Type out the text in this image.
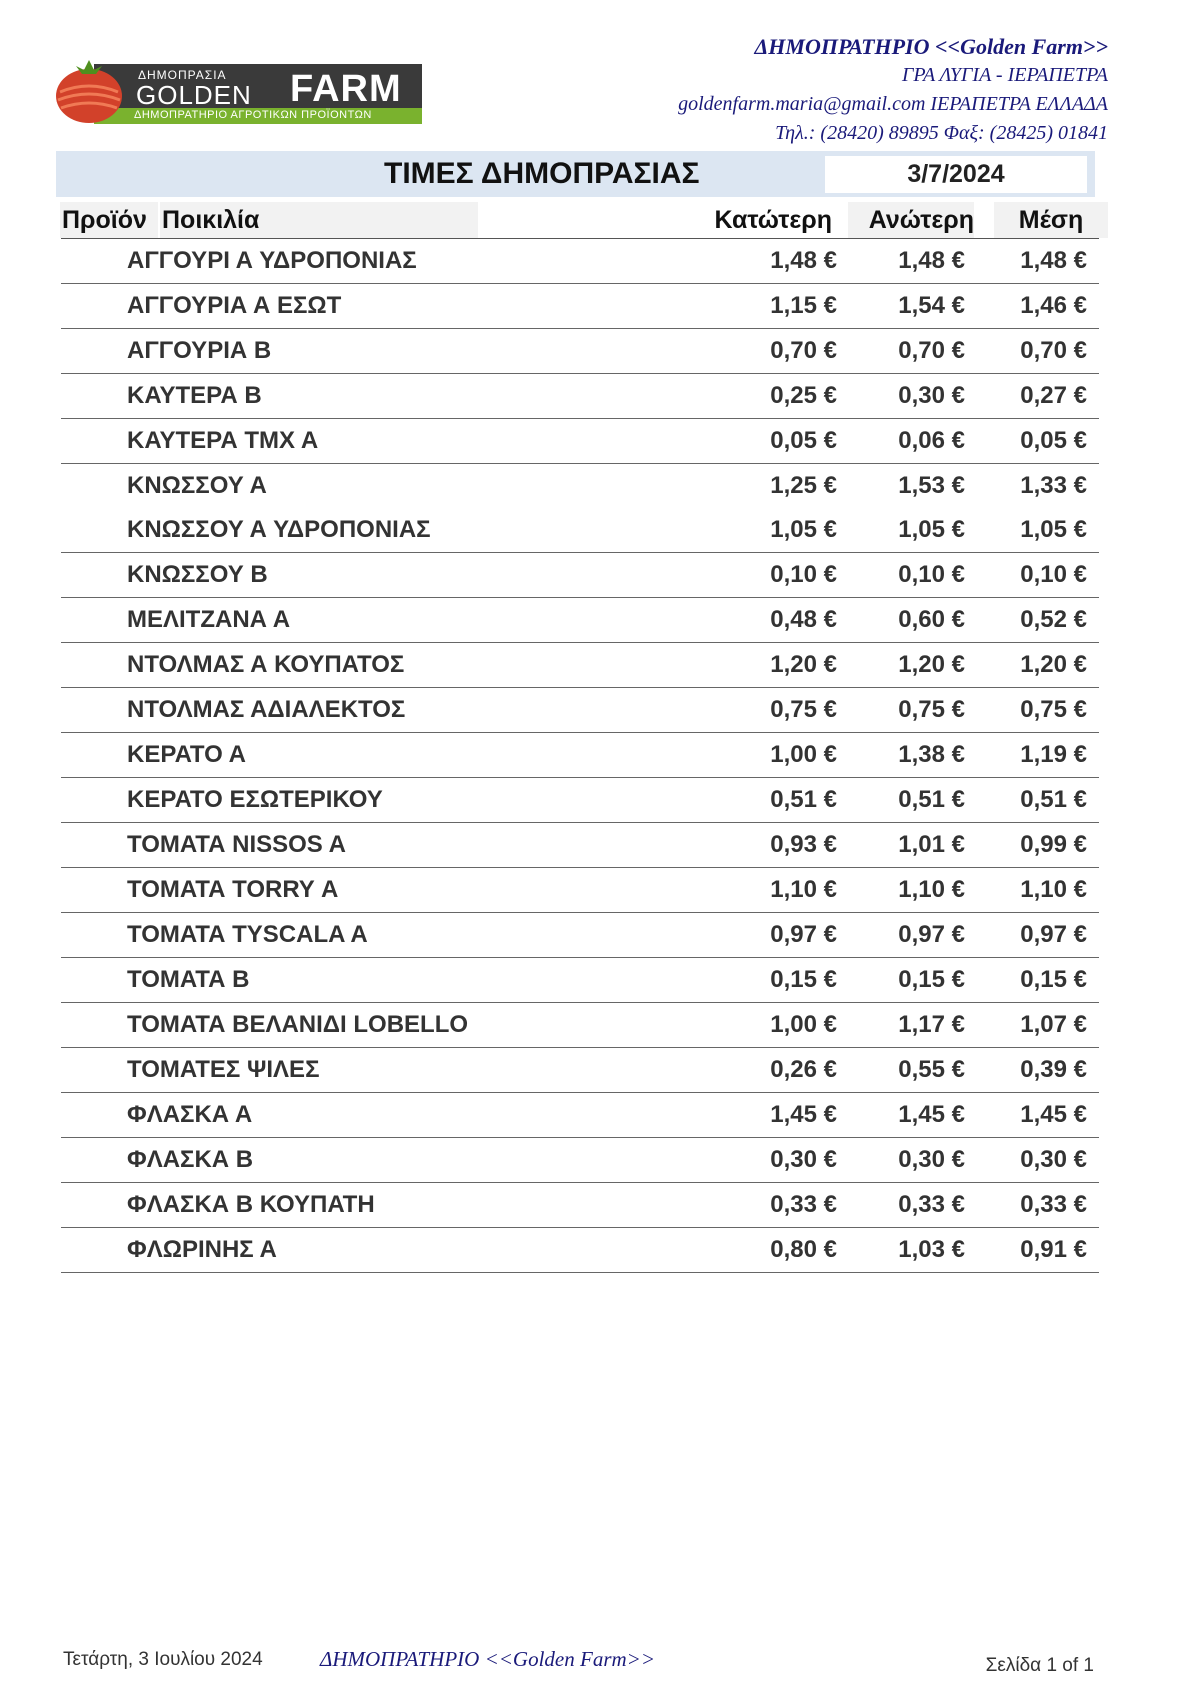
ΔΗΜΟΠΡΑΣΙΑ
GOLDEN FARM
ΔΗΜΟΠΡΑΤΗΡΙΟ ΑΓΡΟΤΙΚΩΝ ΠΡΟΪΟΝΤΩΝ
ΔΗΜΟΠΡΑΤΗΡΙΟ <<Golden Farm>>
ΓΡΑ ΛΥΓΙΑ - ΙΕΡΑΠΕΤΡΑ
goldenfarm.maria@gmail.com ΙΕΡΑΠΕΤΡΑ ΕΛΛΑΔΑ
Τηλ.: (28420) 89895 Φαξ: (28425) 01841
ΤΙΜΕΣ ΔΗΜΟΠΡΑΣΙΑΣ	3/7/2024
Προϊόν Ποικιλία	Κατώτερη	Ανώτερη	Μέση
ΑΓΓΟΥΡΙ Α ΥΔΡΟΠΟΝΙΑΣ	1,48 €	1,48 € 1,48 €
ΑΓΓΟΥΡΙΑ Α ΕΣΩΤ	1,15 €	1,54 € 1,46 €
ΑΓΓΟΥΡΙΑ Β	0,70 €	0,70 € 0,70 €
ΚΑΥΤΕΡΑ Β	0,25 €	0,30 € 0,27 €
ΚΑΥΤΕΡΑ ΤΜΧ Α	0,05 €	0,06 € 0,05 €
ΚΝΩΣΣΟΥ Α	1,25 €	1,53 € 1,33 €
ΚΝΩΣΣΟΥ Α ΥΔΡΟΠΟΝΙΑΣ	1,05 €	1,05 € 1,05 €
ΚΝΩΣΣΟΥ Β	0,10 €	0,10 € 0,10 €
ΜΕΛΙΤΖΑΝΑ Α	0,48 €	0,60 € 0,52 €
ΝΤΟΛΜΑΣ Α ΚΟΥΠΑΤΟΣ	1,20 €	1,20 € 1,20 €
ΝΤΟΛΜΑΣ ΑΔΙΑΛΕΚΤΟΣ	0,75 €	0,75 € 0,75 €
ΚΕΡΑΤΟ Α	1,00 €	1,38 € 1,19 €
ΚΕΡΑΤΟ ΕΣΩΤΕΡΙΚΟΥ	0,51 €	0,51 € 0,51 €
ΤΟΜΑΤΑ NISSOS A	0,93 €	1,01 € 0,99 €
ΤΟΜΑΤΑ TORRY Α	1,10 €	1,10 € 1,10 €
ΤΟΜΑΤΑ TYSCALA A	0,97 €	0,97 € 0,97 €
ΤΟΜΑΤΑ Β	0,15 €	0,15 € 0,15 €
ΤΟΜΑΤΑ ΒΕΛΑΝΙΔΙ LOBELLO	1,00 €	1,17 € 1,07 €
ΤΟΜΑΤΕΣ ΨΙΛΕΣ	0,26 €	0,55 € 0,39 €
ΦΛΑΣΚΑ Α	1,45 €	1,45 € 1,45 €
ΦΛΑΣΚΑ Β	0,30 €	0,30 € 0,30 €
ΦΛΑΣΚΑ Β ΚΟΥΠΑΤΗ	0,33 €	0,33 € 0,33 €
ΦΛΩΡΙΝΗΣ Α	0,80 €	1,03 € 0,91 €
Τετάρτη, 3 Ιουλίου 2024	ΔΗΜΟΠΡΑΤΗΡΙΟ <<Golden Farm>>	Σελίδα 1 of 1
